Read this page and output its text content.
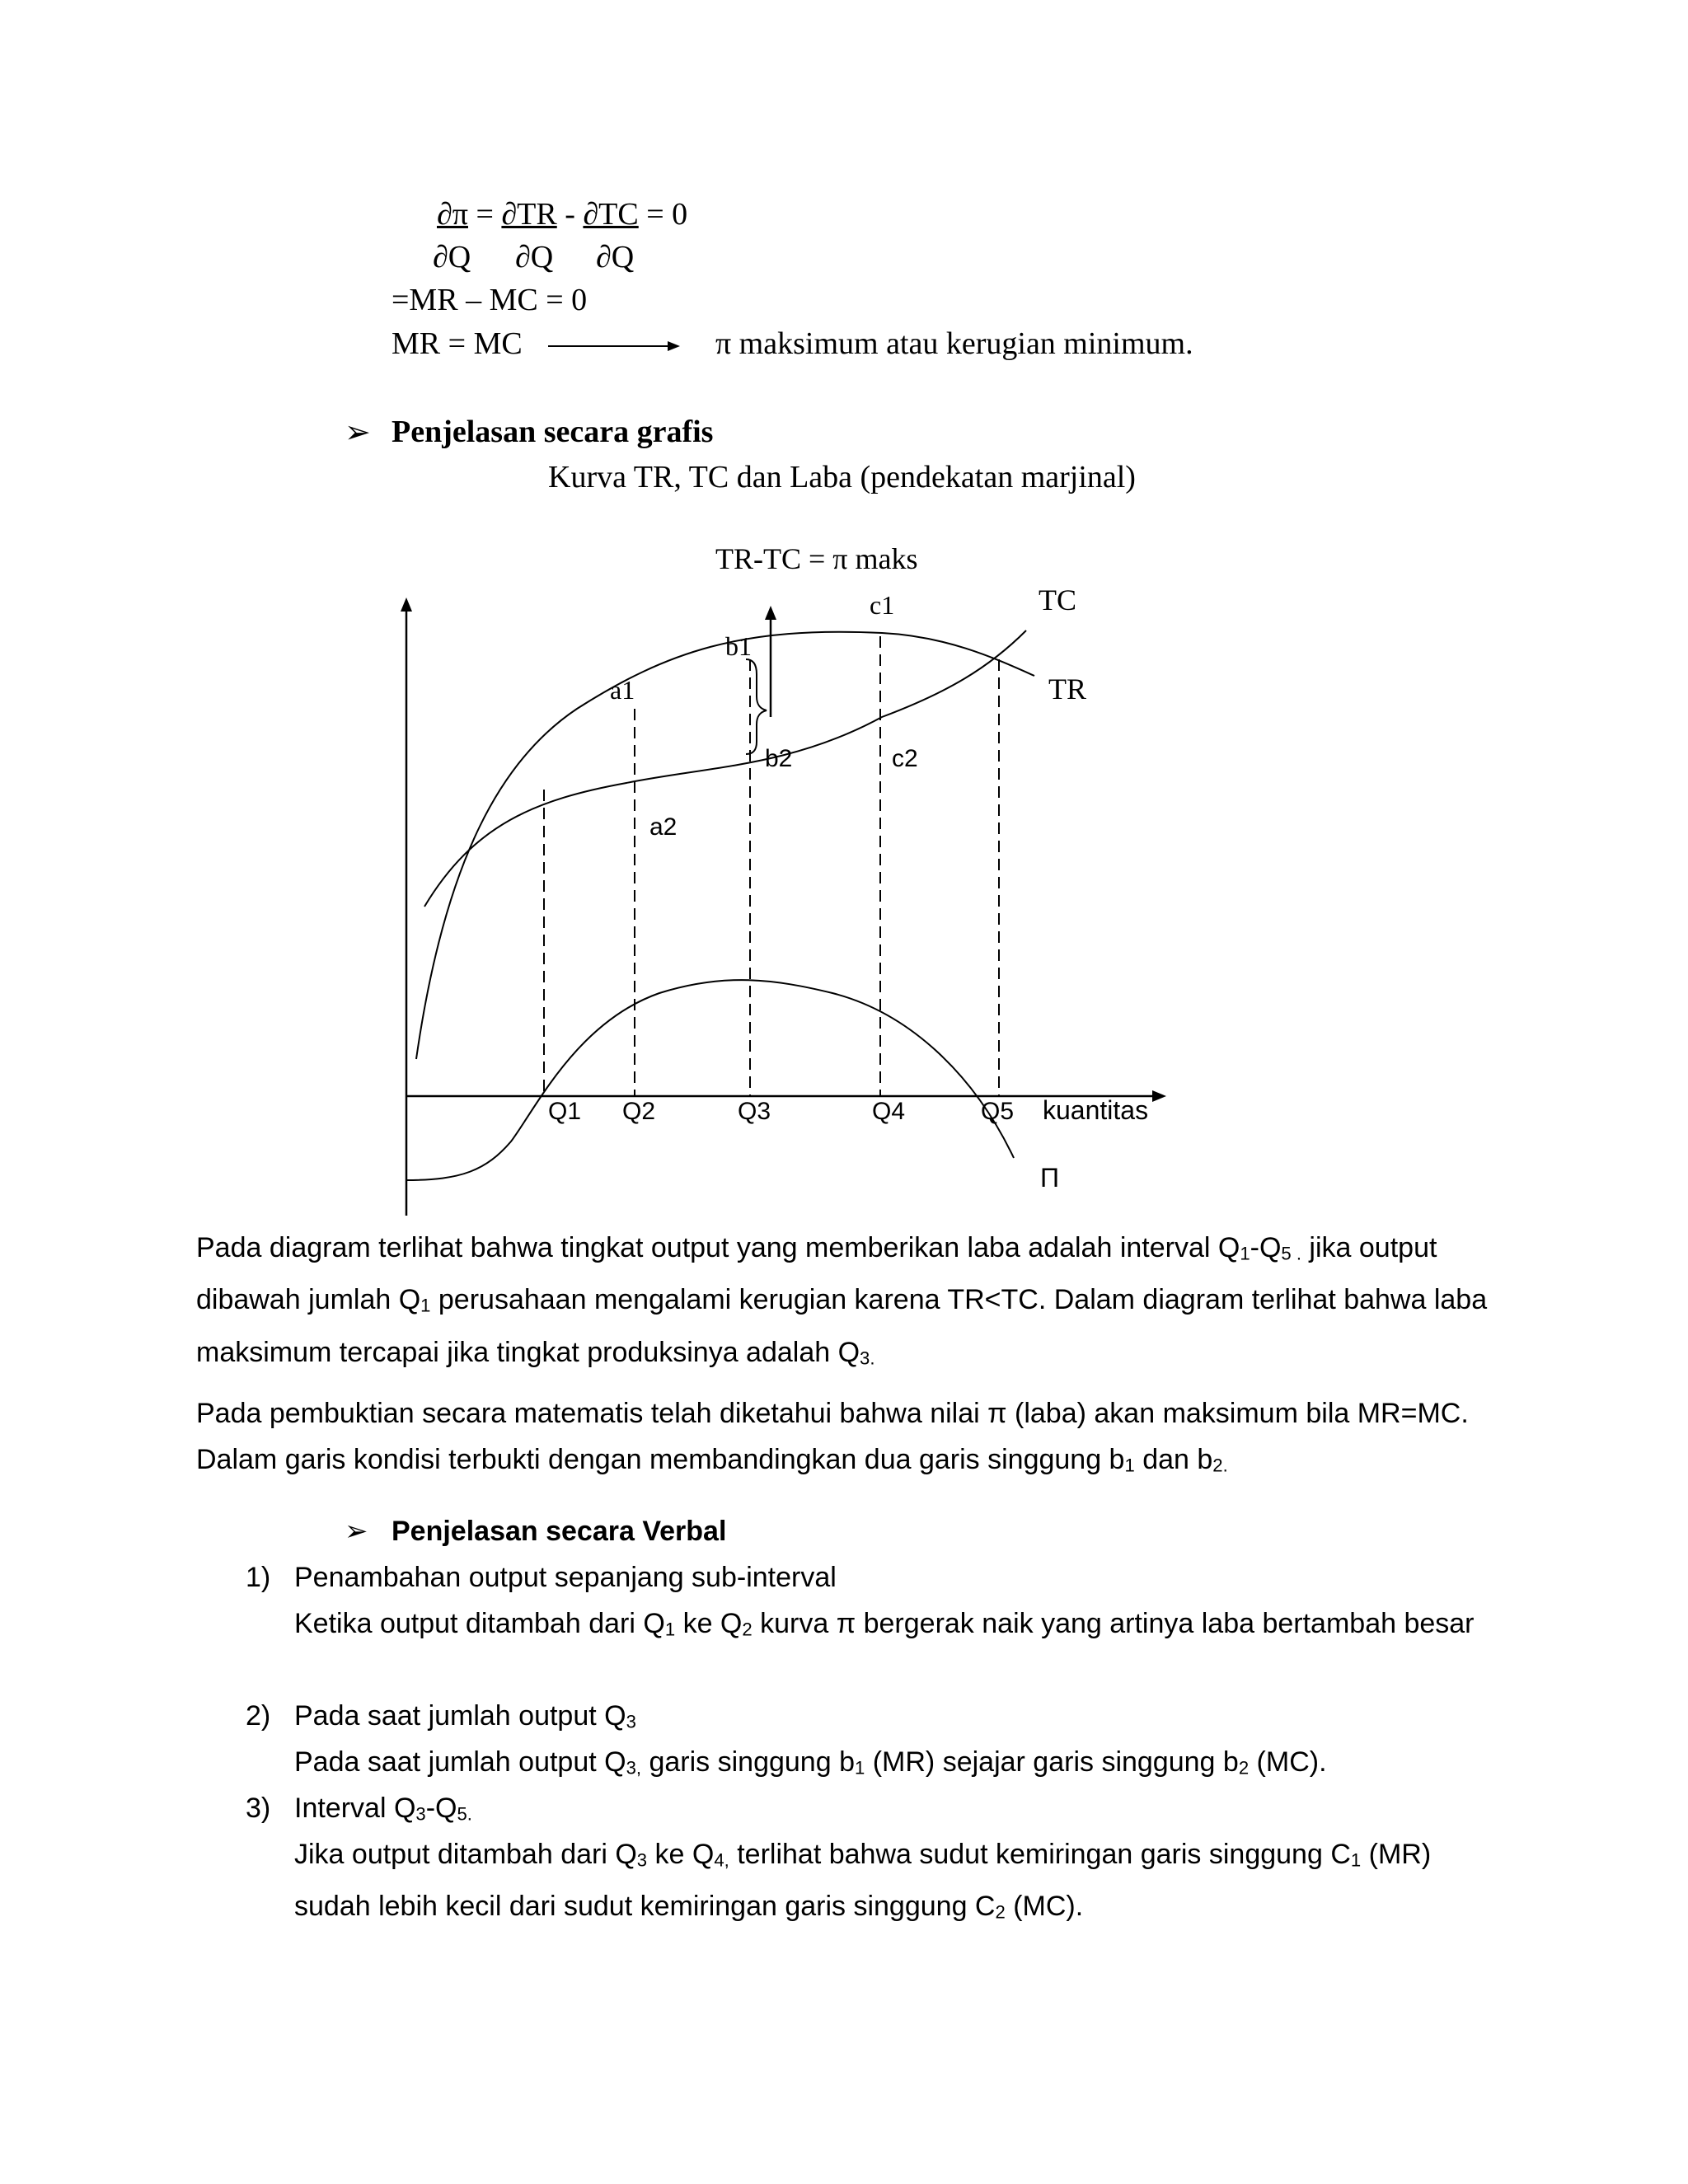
∂π = ∂TR - ∂TC = 0
∂Q ∂Q ∂Q
=MR – MC = 0
MR = MC	π maksimum atau kerugian minimum.
➢ Penjelasan secara grafis
Kurva TR, TC dan Laba (pendekatan marjinal)
TR-TC = π maks
c1	TC
TR
b1
a1
b2	c2
a2
Q1 Q2	Q3	Q4	Q5 kuantitas
Π
Pada diagram terlihat bahwa tingkat output yang memberikan laba adalah interval $Q_1-Q_{5 .}$ jika output dibawah jumlah $Q_1$ perusahaan mengalami kerugian karena TR<TC. Dalam diagram terlihat bahwa laba maksimum tercapai jika tingkat produksinya adalah $Q_{3.}$
Pada pembuktian secara matematis telah diketahui bahwa nilai π (laba) akan maksimum bila MR=MC. Dalam garis kondisi terbukti dengan membandingkan dua garis singgung $b_1$ dan $b_{2.}$
➢ Penjelasan secara Verbal
1) Penambahan output sepanjang sub-interval
Ketika output ditambah dari $Q_1$ ke $Q_2$ kurva π bergerak naik yang artinya laba bertambah besar
2) Pada saat jumlah output $Q_3$
Pada saat jumlah output $Q_{3,}$ garis singgung $b_1$ (MR) sejajar garis singgung $b_2$ (MC).
3) Interval $Q_3-Q_{5.}$
Jika output ditambah dari $Q_3$ ke $Q_{4,}$ terlihat bahwa sudut kemiringan garis singgung $C_1$ (MR) sudah lebih kecil dari sudut kemiringan garis singgung $C_2$ (MC).
